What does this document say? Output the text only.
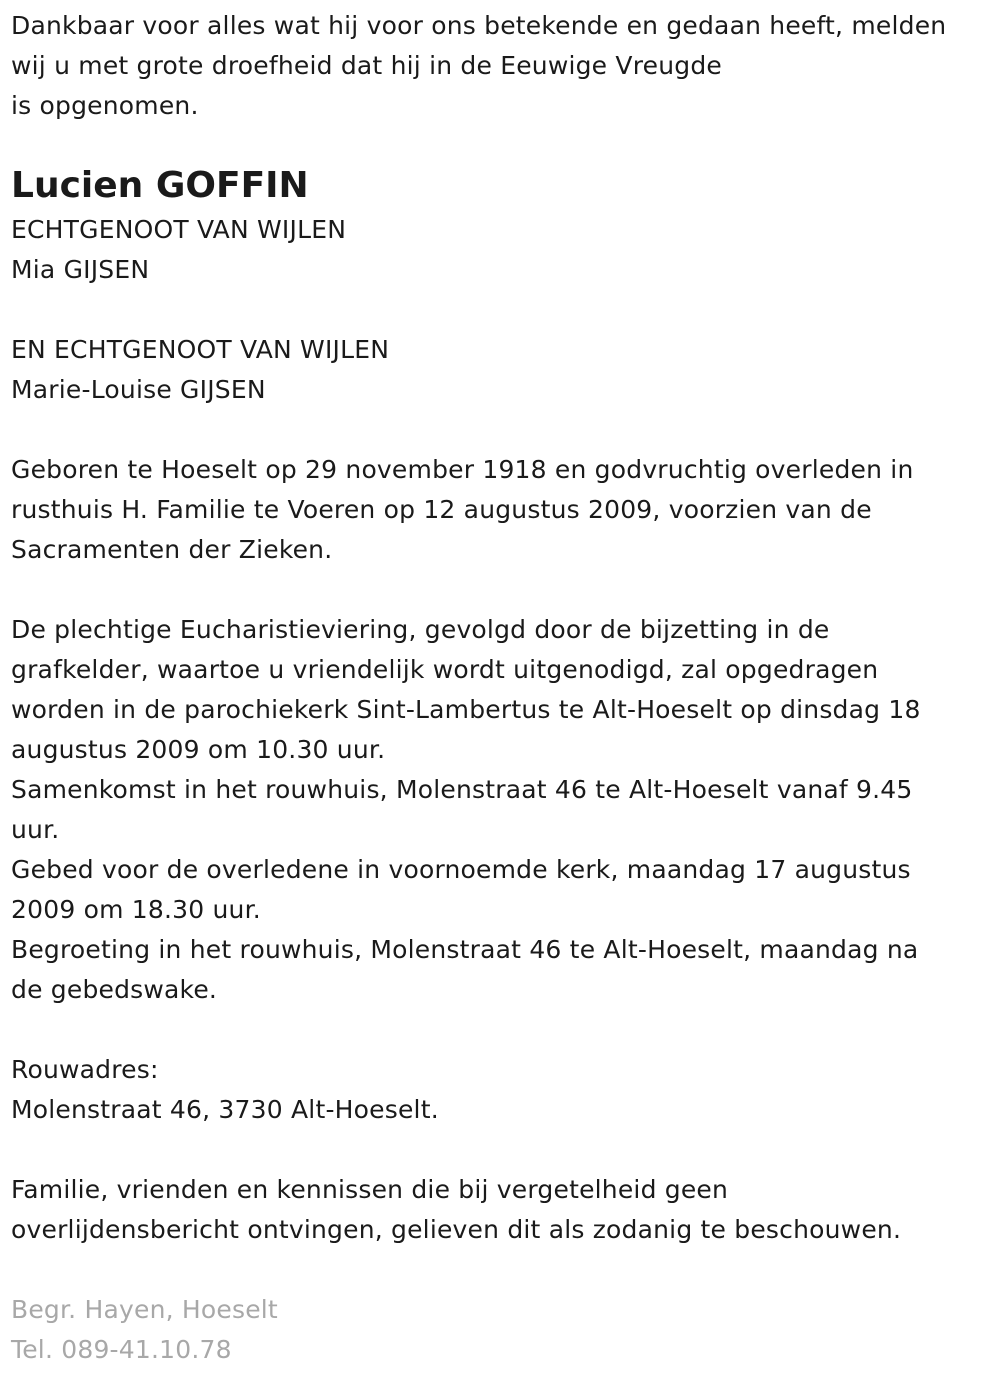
Dankbaar voor alles wat hij voor ons betekende en gedaan heeft, melden
wij u met grote droefheid dat hij in de Eeuwige Vreugde
is opgenomen.
Lucien GOFFIN
ECHTGENOOT VAN WIJLEN
Mia GIJSEN
EN ECHTGENOOT VAN WIJLEN
Marie-Louise GIJSEN
Geboren te Hoeselt op 29 november 1918 en godvruchtig overleden in
rusthuis H. Familie te Voeren op 12 augustus 2009, voorzien van de
Sacramenten der Zieken.
De plechtige Eucharistieviering, gevolgd door de bijzetting in de
grafkelder, waartoe u vriendelijk wordt uitgenodigd, zal opgedragen
worden in de parochiekerk Sint-Lambertus te Alt-Hoeselt op dinsdag 18
augustus 2009 om 10.30 uur.
Samenkomst in het rouwhuis, Molenstraat 46 te Alt-Hoeselt vanaf 9.45
uur.
Gebed voor de overledene in voornoemde kerk, maandag 17 augustus
2009 om 18.30 uur.
Begroeting in het rouwhuis, Molenstraat 46 te Alt-Hoeselt, maandag na
de gebedswake.
Rouwadres:
Molenstraat 46, 3730 Alt-Hoeselt.
Familie, vrienden en kennissen die bij vergetelheid geen
overlijdensbericht ontvingen, gelieven dit als zodanig te beschouwen.
Begr. Hayen, Hoeselt
Tel. 089-41.10.78
